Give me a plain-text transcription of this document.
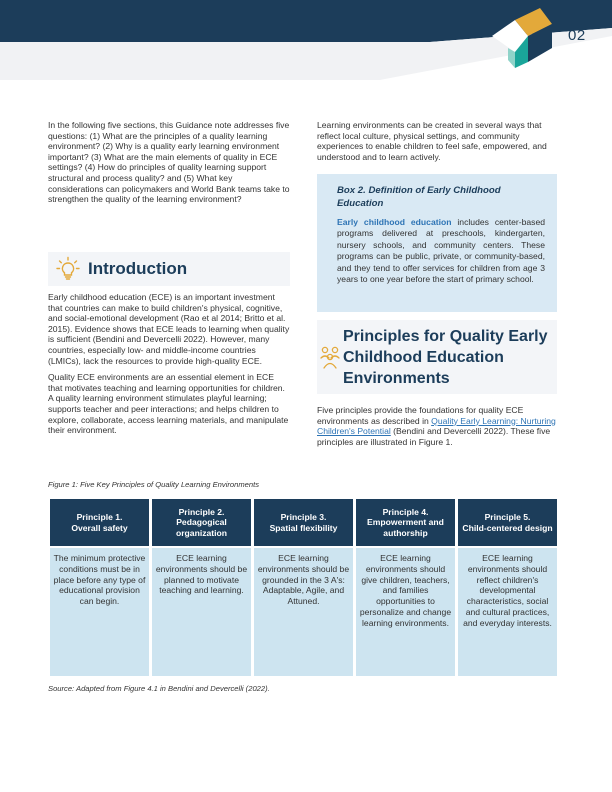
02

In the following five sections, this Guidance note addresses five questions: (1) What are the principles of a quality learning environment? (2) Why is a quality early learning environment important? (3) What are the main elements of quality in ECE settings? (4) How do principles of quality learning support structural and process quality? and (5) What key considerations can policymakers and World Bank teams take to strengthen the quality of the learning environment?

Learning environments can be created in several ways that reflect local culture, physical settings, and community experiences to enable children to feel safe, empowered, and understood and to learn actively.

Introduction

Early childhood education (ECE) is an important investment that countries can make to build children's physical, cognitive, and social-emotional development (Rao et al 2014; Britto et al. 2015). Evidence shows that ECE leads to learning when quality is sufficient (Bendini and Devercelli 2022). However, many countries, especially low- and middle-income countries (LMICs), lack the resources to provide high-quality ECE.

Quality ECE environments are an essential element in ECE that motivates teaching and learning opportunities for children. A quality learning environment stimulates playful learning; supports teacher and peer interactions; and helps children to explore, collaborate, access learning materials, and manipulate their environment.

Box 2. Definition of Early Childhood Education

Early childhood education includes center-based programs delivered at preschools, kindergarten, nursery schools, and community centers. These programs can be public, private, or community-based, and they tend to offer services for children from age 3 years to one year before the start of primary school.

Principles for Quality Early Childhood Education Environments

Five principles provide the foundations for quality ECE environments as described in Quality Early Learning: Nurturing Children's Potential (Bendini and Devercelli 2022). These five principles are illustrated in Figure 1.

Figure 1: Five Key Principles of Quality Learning Environments
Principle 1.
Overall safety
The minimum protective conditions must be in place before any type of educational provision can begin.
Principle 2.
Pedagogical organization
ECE learning environments should be planned to motivate teaching and learning.
Principle 3.
Spatial flexibility
ECE learning environments should be grounded in the 3 A's: Adaptable, Agile, and Attuned.
Principle 4.
Empowerment and authorship
ECE learning environments should give children, teachers, and families opportunities to personalize and change learning environments.
Principle 5.
Child-centered design
ECE learning environments should reflect children's developmental characteristics, social and cultural practices, and everyday interests.
Source: Adapted from Figure 4.1 in Bendini and Devercelli (2022).
